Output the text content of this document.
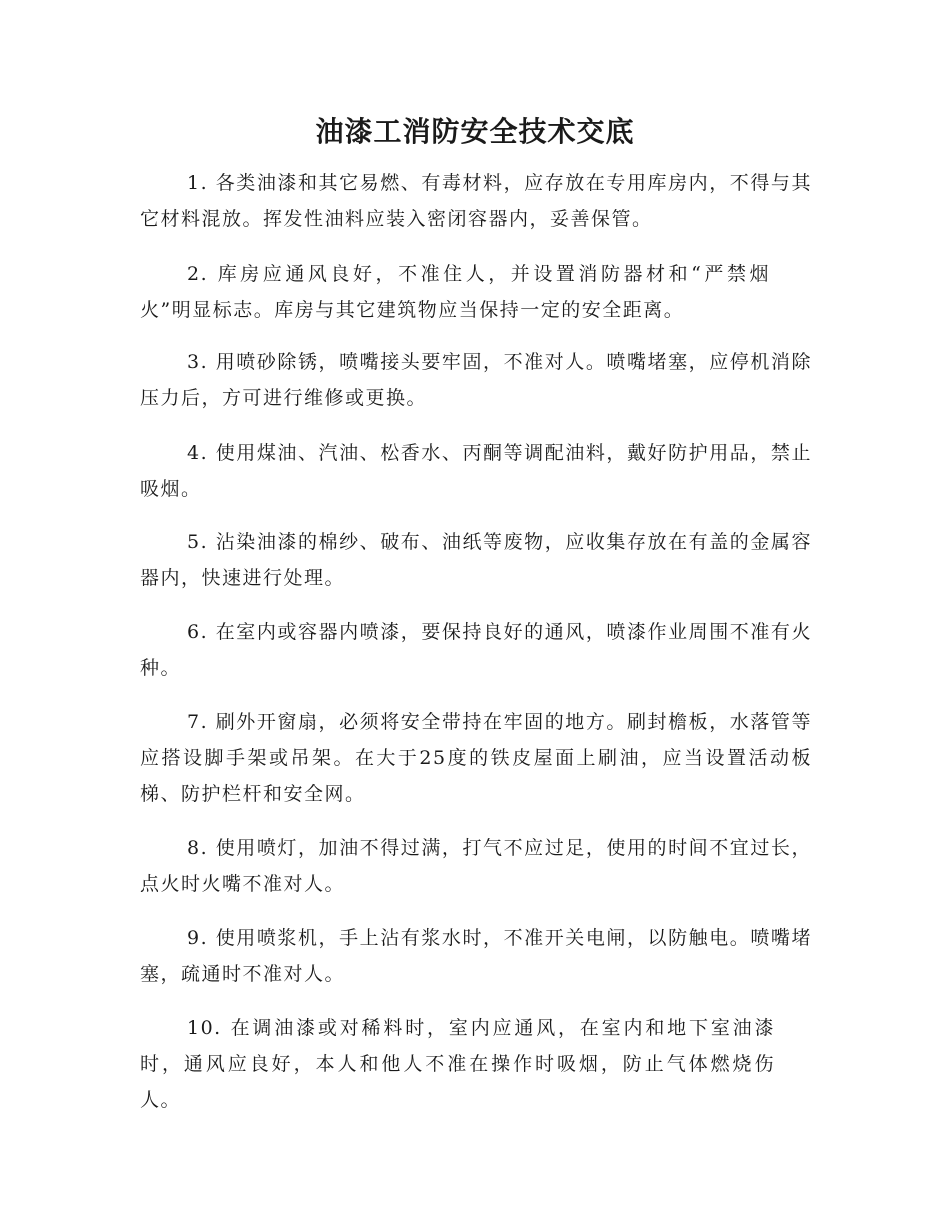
油漆工消防安全技术交底

1. 各类油漆和其它易燃、有毒材料，应存放在专用库房内，不得与其它材料混放。挥发性油料应装入密闭容器内，妥善保管。

2. 库房应通风良好，不准住人，并设置消防器材和“严禁烟火”明显标志。库房与其它建筑物应当保持一定的安全距离。

3. 用喷砂除锈，喷嘴接头要牢固，不准对人。喷嘴堵塞，应停机消除压力后，方可进行维修或更换。

4. 使用煤油、汽油、松香水、丙酮等调配油料，戴好防护用品，禁止吸烟。

5. 沾染油漆的棉纱、破布、油纸等废物，应收集存放在有盖的金属容器内，快速进行处理。

6. 在室内或容器内喷漆，要保持良好的通风，喷漆作业周围不准有火种。

7. 刷外开窗扇，必须将安全带持在牢固的地方。刷封檐板，水落管等应搭设脚手架或吊架。在大于25度的铁皮屋面上刷油，应当设置活动板梯、防护栏杆和安全网。

8. 使用喷灯，加油不得过满，打气不应过足，使用的时间不宜过长，点火时火嘴不准对人。

9. 使用喷浆机，手上沾有浆水时，不准开关电闸，以防触电。喷嘴堵塞，疏通时不准对人。

10. 在调油漆或对稀料时，室内应通风，在室内和地下室油漆时，通风应良好，本人和他人不准在操作时吸烟，防止气体燃烧伤人。
